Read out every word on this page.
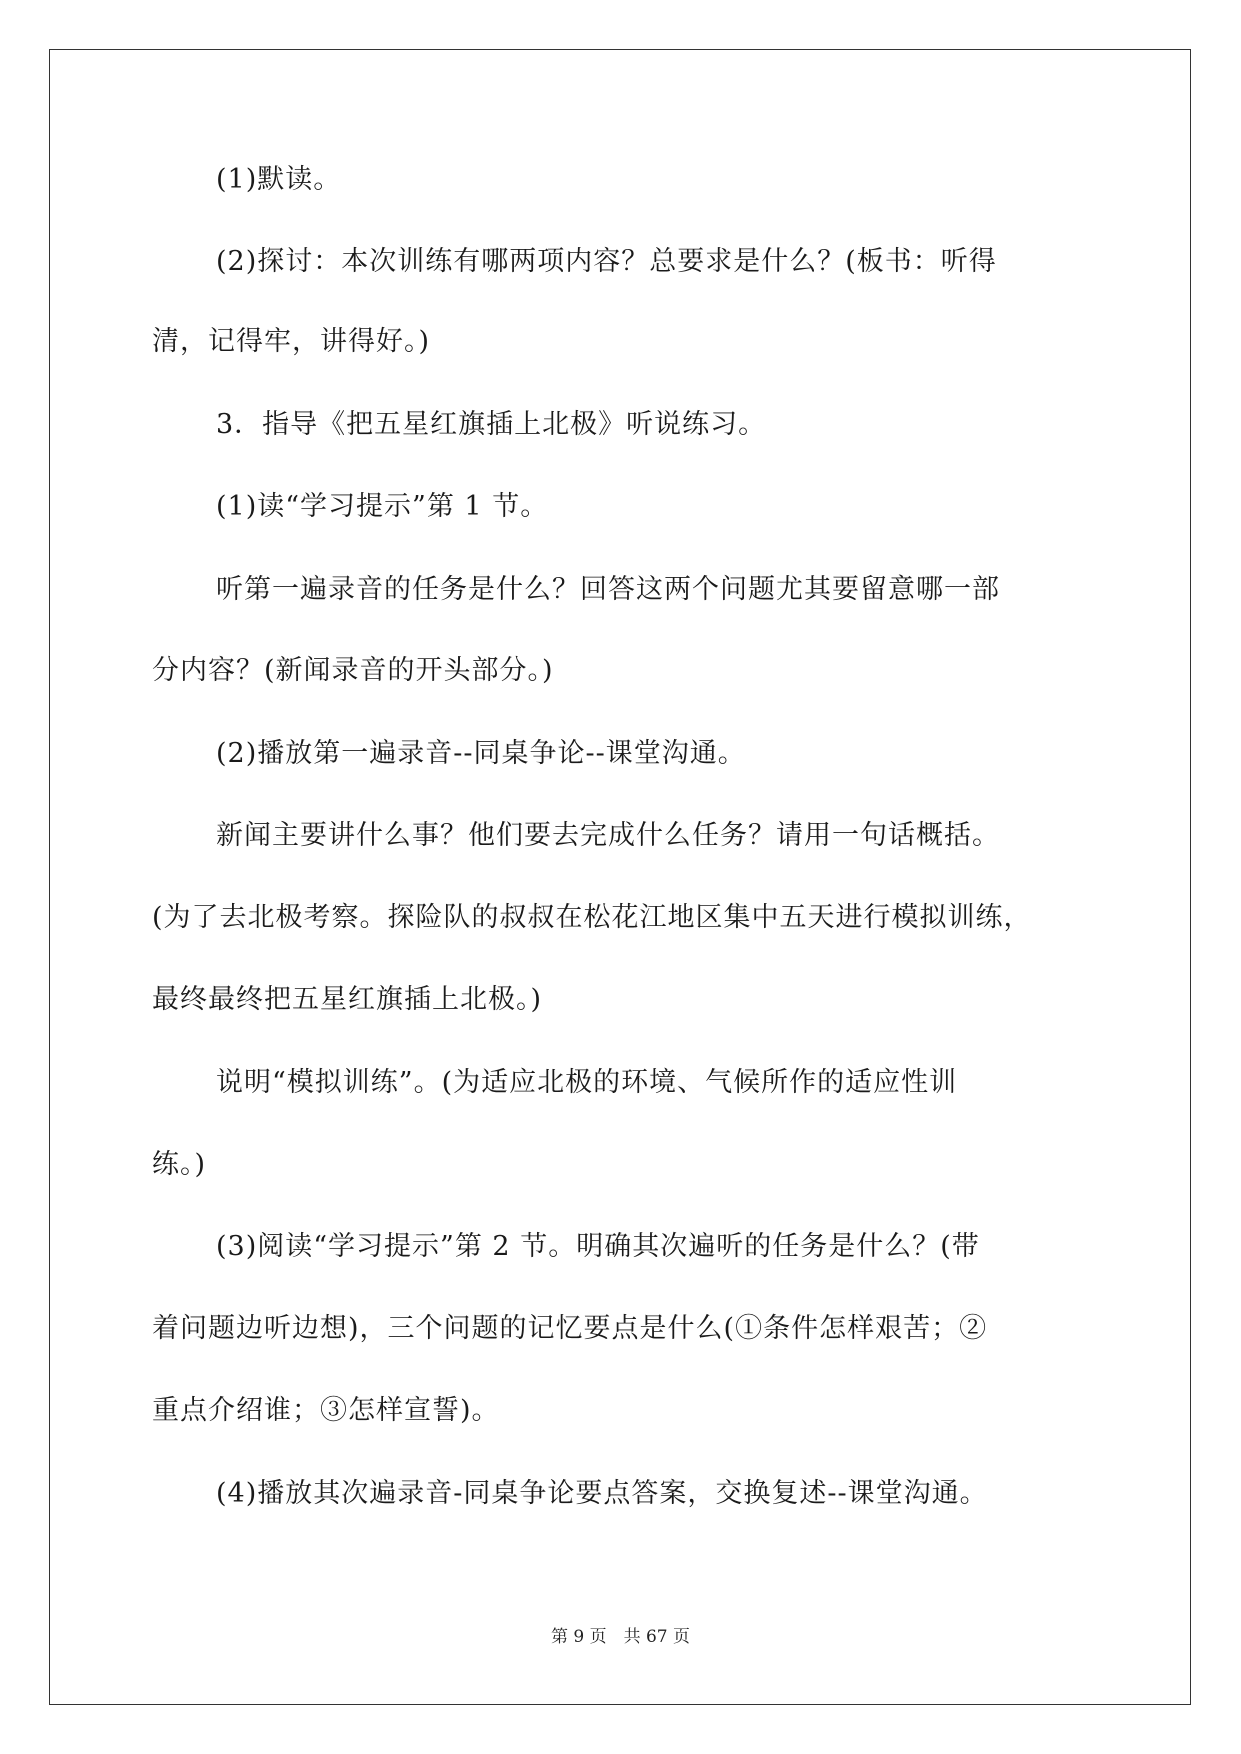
(1)默读。
(2)探讨：本次训练有哪两项内容？总要求是什么？(板书：听得
清，记得牢，讲得好。)
3．指导《把五星红旗插上北极》听说练习。
(1)读“学习提示”第 1 节。
听第一遍录音的任务是什么？回答这两个问题尤其要留意哪一部
分内容？(新闻录音的开头部分。)
(2)播放第一遍录音--同桌争论--课堂沟通。
新闻主要讲什么事？他们要去完成什么任务？请用一句话概括。
(为了去北极考察。探险队的叔叔在松花江地区集中五天进行模拟训练，
最终最终把五星红旗插上北极。)
说明“模拟训练”。(为适应北极的环境、气候所作的适应性训
练。)
(3)阅读“学习提示”第 2 节。明确其次遍听的任务是什么？(带
着问题边听边想)，三个问题的记忆要点是什么(①条件怎样艰苦；②
重点介绍谁；③怎样宣誓)。
(4)播放其次遍录音-同桌争论要点答案，交换复述--课堂沟通。
第 9 页　共 67 页
